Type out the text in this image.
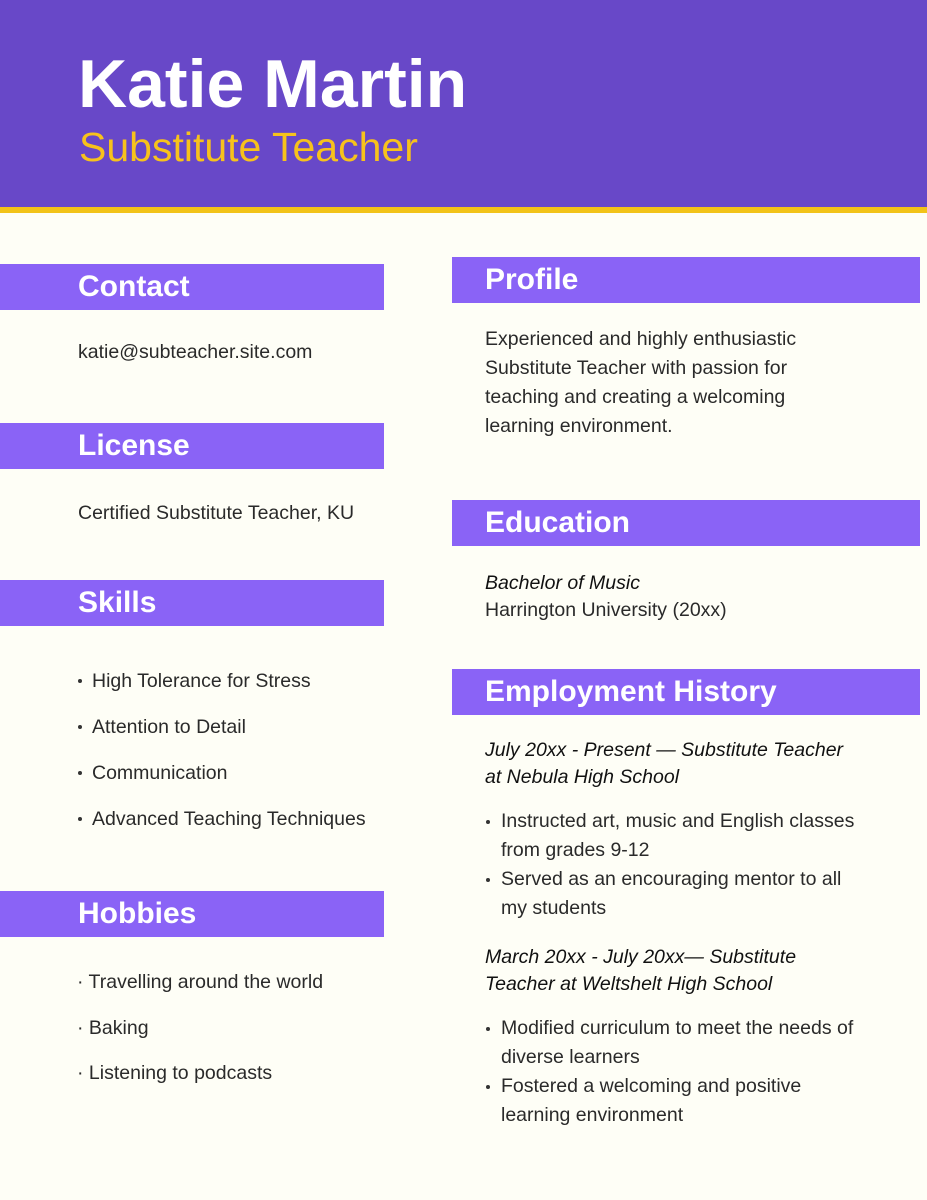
Katie Martin
Substitute Teacher
Contact
katie@subteacher.site.com
License
Certified Substitute Teacher, KU
Skills
High Tolerance for Stress
Attention to Detail
Communication
Advanced Teaching Techniques
Hobbies
· Travelling around the world
· Baking
· Listening to podcasts
Profile
Experienced and highly enthusiastic
Substitute Teacher with passion for
teaching and creating a welcoming
learning environment.
Education
Bachelor of Music
Harrington University (20xx)
Employment History
July 20xx - Present — Substitute Teacher
at Nebula High School
Instructed art, music and English classes from grades 9-12
Served as an encouraging mentor to all my students
March 20xx - July 20xx— Substitute
Teacher at Weltshelt High School
Modified curriculum to meet the needs of diverse learners
Fostered a welcoming and positive learning environment
